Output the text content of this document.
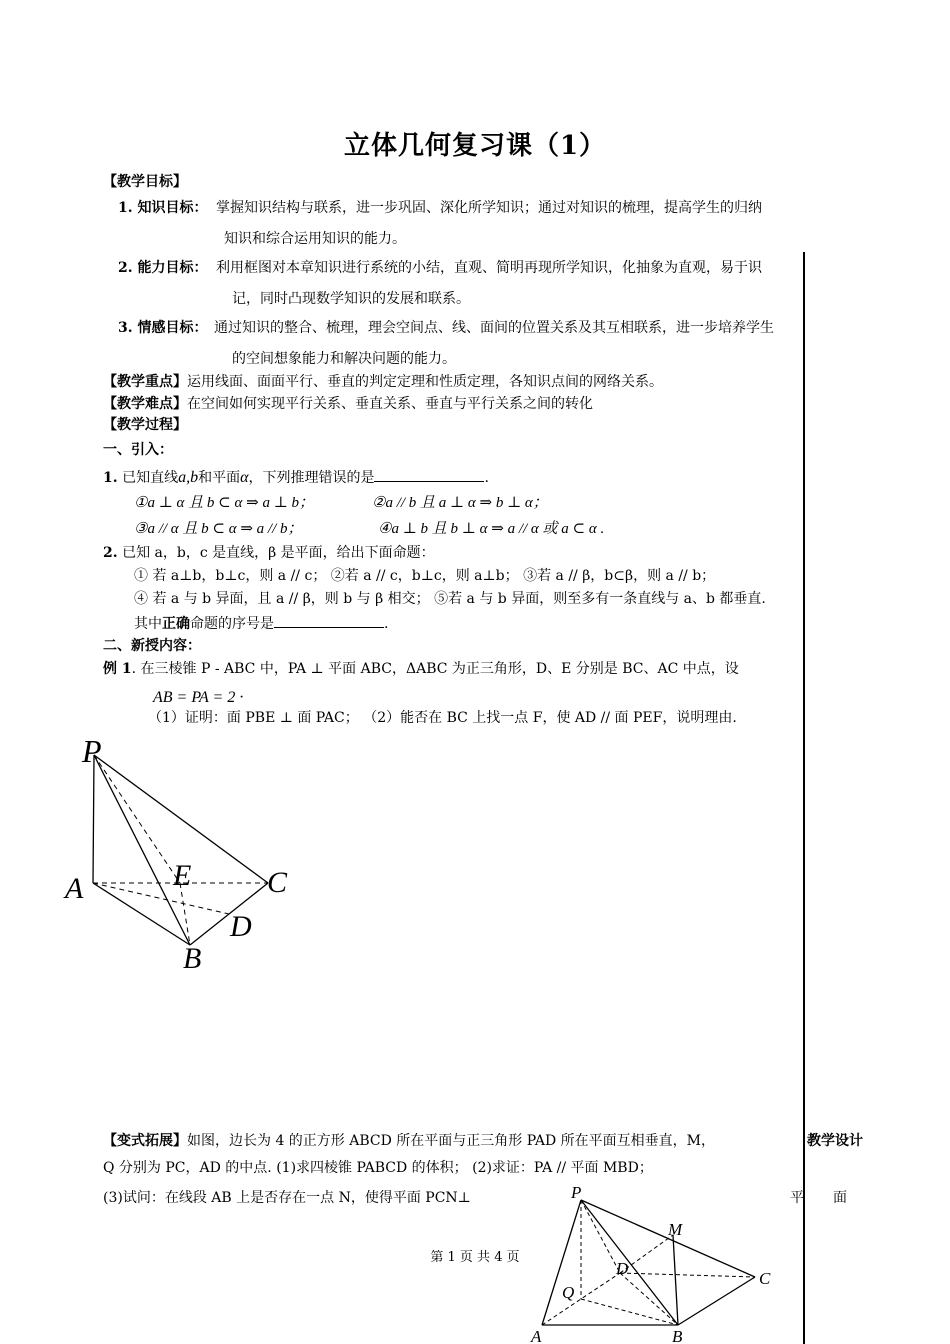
立体几何复习课（1）
【教学目标】
1. 知识目标： 掌握知识结构与联系，进一步巩固、深化所学知识；通过对知识的梳理，提高学生的归纳
知识和综合运用知识的能力。
2. 能力目标： 利用框图对本章知识进行系统的小结，直观、简明再现所学知识，化抽象为直观，易于识
记，同时凸现数学知识的发展和联系。
3. 情感目标： 通过知识的整合、梳理，理会空间点、线、面间的位置关系及其互相联系，进一步培养学生
的空间想象能力和解决问题的能力。
【教学重点】运用线面、面面平行、垂直的判定定理和性质定理，各知识点间的网络关系。
【教学难点】在空间如何实现平行关系、垂直关系、垂直与平行关系之间的转化
【教学过程】
一、引入：
1. 已知直线a,b和平面α，下列推理错误的是	.
①a ⊥ α 且 b ⊂ α ⇒ a ⊥ b；	②a // b 且 a ⊥ α ⇒ b ⊥ α；
③a // α 且 b ⊂ α ⇒ a // b；	④a ⊥ b 且 b ⊥ α ⇒ a // α 或 a ⊂ α .
2. 已知 a，b，c 是直线，β 是平面，给出下面命题：
① 若 a⊥b，b⊥c，则 a // c； ②若 a // c，b⊥c，则 a⊥b； ③若 a // β，b⊂β，则 a // b；
④ 若 a 与 b 异面，且 a // β，则 b 与 β 相交； ⑤若 a 与 b 异面，则至多有一条直线与 a、b 都垂直.
其中正确命题的序号是	.
二、新授内容：
例 1. 在三棱锥 P - ABC 中，PA ⊥ 平面 ABC，ΔABC 为正三角形，D、E 分别是 BC、AC 中点，设
AB = PA = 2 ·
（1）证明：面 PBE ⊥ 面 PAC； （2）能否在 BC 上找一点 F，使 AD // 面 PEF，说明理由.
P
A	E	C
D
B
【变式拓展】如图，边长为 4 的正方形 ABCD 所在平面与正三角形 PAD 所在平面互相垂直，M，	教学设计
Q 分别为 PC，AD 的中点. (1)求四棱锥 PABCD 的体积； (2)求证：PA // 平面 MBD；
(3)试问：在线段 AB 上是否存在一点 N，使得平面 PCN⊥	平 面
第 1 页 共 4 页
P
M
D
C
Q
A	B
